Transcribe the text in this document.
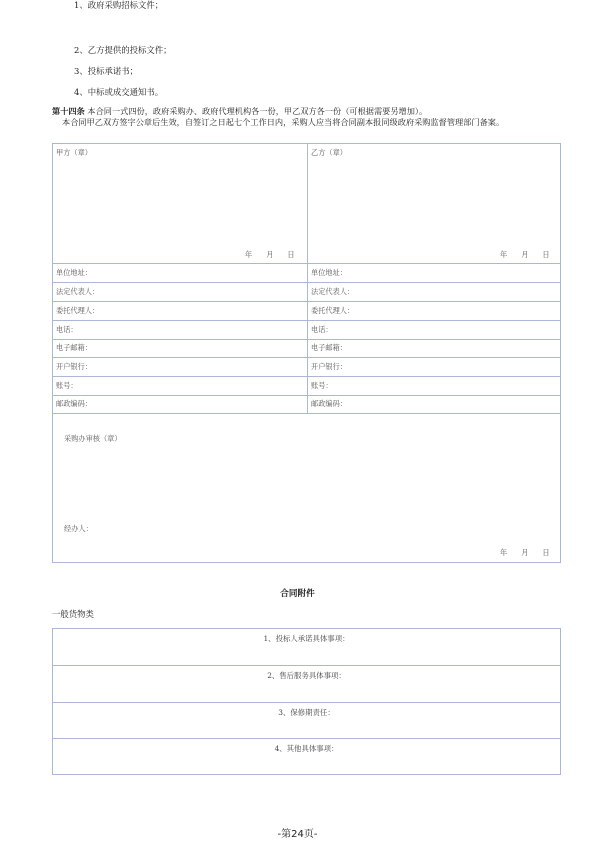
1、政府采购招标文件；
2、乙方提供的投标文件；
3、投标承诺书；
4、中标或成交通知书。
第十四条 本合同一式四份，政府采购办、政府代理机构各一份，甲乙双方各一份（可根据需要另增加）。
本合同甲乙双方签字公章后生效，自签订之日起七个工作日内，采购人应当将合同副本报同级政府采购监督管理部门备案。
甲方（章）	乙方（章）
年 月 日	年 月 日
单位地址：
法定代表人：
委托代理人：
电话：
电子邮箱：
开户银行：
账号：
邮政编码：
单位地址：
法定代表人：
委托代理人：
电话：
电子邮箱：
开户银行：
账号：
邮政编码：
采购办审核（章）
经办人：
年 月 日
合同附件
一般货物类
1、投标人承诺具体事项：
2、售后服务具体事项：
3、保修期责任：
4、其他具体事项：
-第24页-
